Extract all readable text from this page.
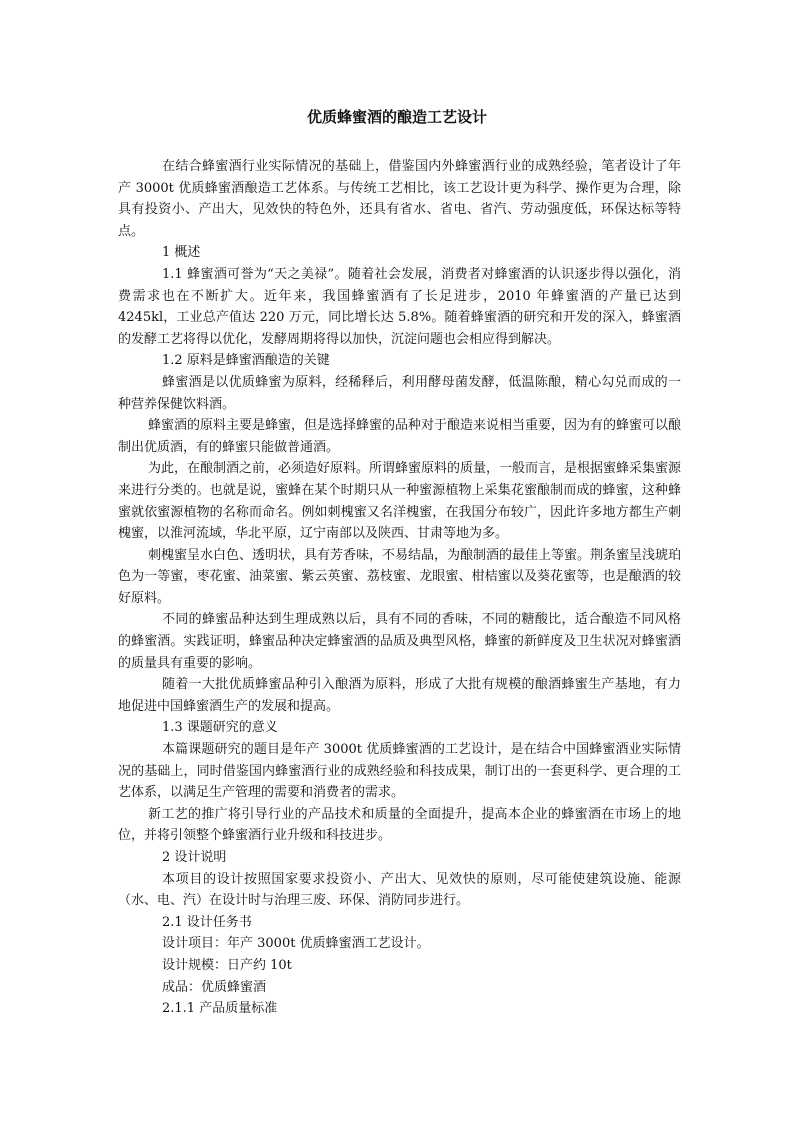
优质蜂蜜酒的酿造工艺设计

在结合蜂蜜酒行业实际情况的基础上，借鉴国内外蜂蜜酒行业的成熟经验，笔者设计了年产 3000t 优质蜂蜜酒酿造工艺体系。与传统工艺相比，该工艺设计更为科学、操作更为合理，除具有投资小、产出大，见效快的特色外，还具有省水、省电、省汽、劳动强度低，环保达标等特点。

1 概述

1.1 蜂蜜酒可誉为“天之美禄”。随着社会发展，消费者对蜂蜜酒的认识逐步得以强化，消费需求也在不断扩大。近年来，我国蜂蜜酒有了长足进步，2010 年蜂蜜酒的产量已达到 4245kl，工业总产值达 220 万元，同比增长达 5.8%。随着蜂蜜酒的研究和开发的深入，蜂蜜酒的发酵工艺将得以优化，发酵周期将得以加快，沉淀问题也会相应得到解决。

1.2 原料是蜂蜜酒酿造的关键

蜂蜜酒是以优质蜂蜜为原料，经稀释后，利用酵母菌发酵，低温陈酿，精心勾兑而成的一种营养保健饮料酒。

蜂蜜酒的原料主要是蜂蜜，但是选择蜂蜜的品种对于酿造来说相当重要，因为有的蜂蜜可以酿制出优质酒，有的蜂蜜只能做普通酒。

为此，在酿制酒之前，必须造好原料。所谓蜂蜜原料的质量，一般而言，是根据蜜蜂采集蜜源来进行分类的。也就是说，蜜蜂在某个时期只从一种蜜源植物上采集花蜜酿制而成的蜂蜜，这种蜂蜜就依蜜源植物的名称而命名。例如刺槐蜜又名洋槐蜜，在我国分布较广，因此许多地方都生产刺槐蜜，以淮河流域，华北平原，辽宁南部以及陕西、甘肃等地为多。

刺槐蜜呈水白色、透明状，具有芳香味，不易结晶，为酿制酒的最佳上等蜜。荆条蜜呈浅琥珀色为一等蜜，枣花蜜、油菜蜜、紫云英蜜、荔枝蜜、龙眼蜜、柑桔蜜以及葵花蜜等，也是酿酒的较好原料。

不同的蜂蜜品种达到生理成熟以后，具有不同的香味，不同的糖酸比，适合酿造不同风格的蜂蜜酒。实践证明，蜂蜜品种决定蜂蜜酒的品质及典型风格，蜂蜜的新鲜度及卫生状况对蜂蜜酒的质量具有重要的影响。

随着一大批优质蜂蜜品种引入酿酒为原料，形成了大批有规模的酿酒蜂蜜生产基地，有力地促进中国蜂蜜酒生产的发展和提高。

1.3 课题研究的意义

本篇课题研究的题目是年产 3000t 优质蜂蜜酒的工艺设计，是在结合中国蜂蜜酒业实际情况的基础上，同时借鉴国内蜂蜜酒行业的成熟经验和科技成果，制订出的一套更科学、更合理的工艺体系，以满足生产管理的需要和消费者的需求。

新工艺的推广将引导行业的产品技术和质量的全面提升，提高本企业的蜂蜜酒在市场上的地位，并将引领整个蜂蜜酒行业升级和科技进步。

2 设计说明

本项目的设计按照国家要求投资小、产出大、见效快的原则，尽可能使建筑设施、能源（水、电、汽）在设计时与治理三废、环保、消防同步进行。

2.1 设计任务书

设计项目：年产 3000t 优质蜂蜜酒工艺设计。

设计规模：日产约 10t

成品：优质蜂蜜酒

2.1.1 产品质量标准
